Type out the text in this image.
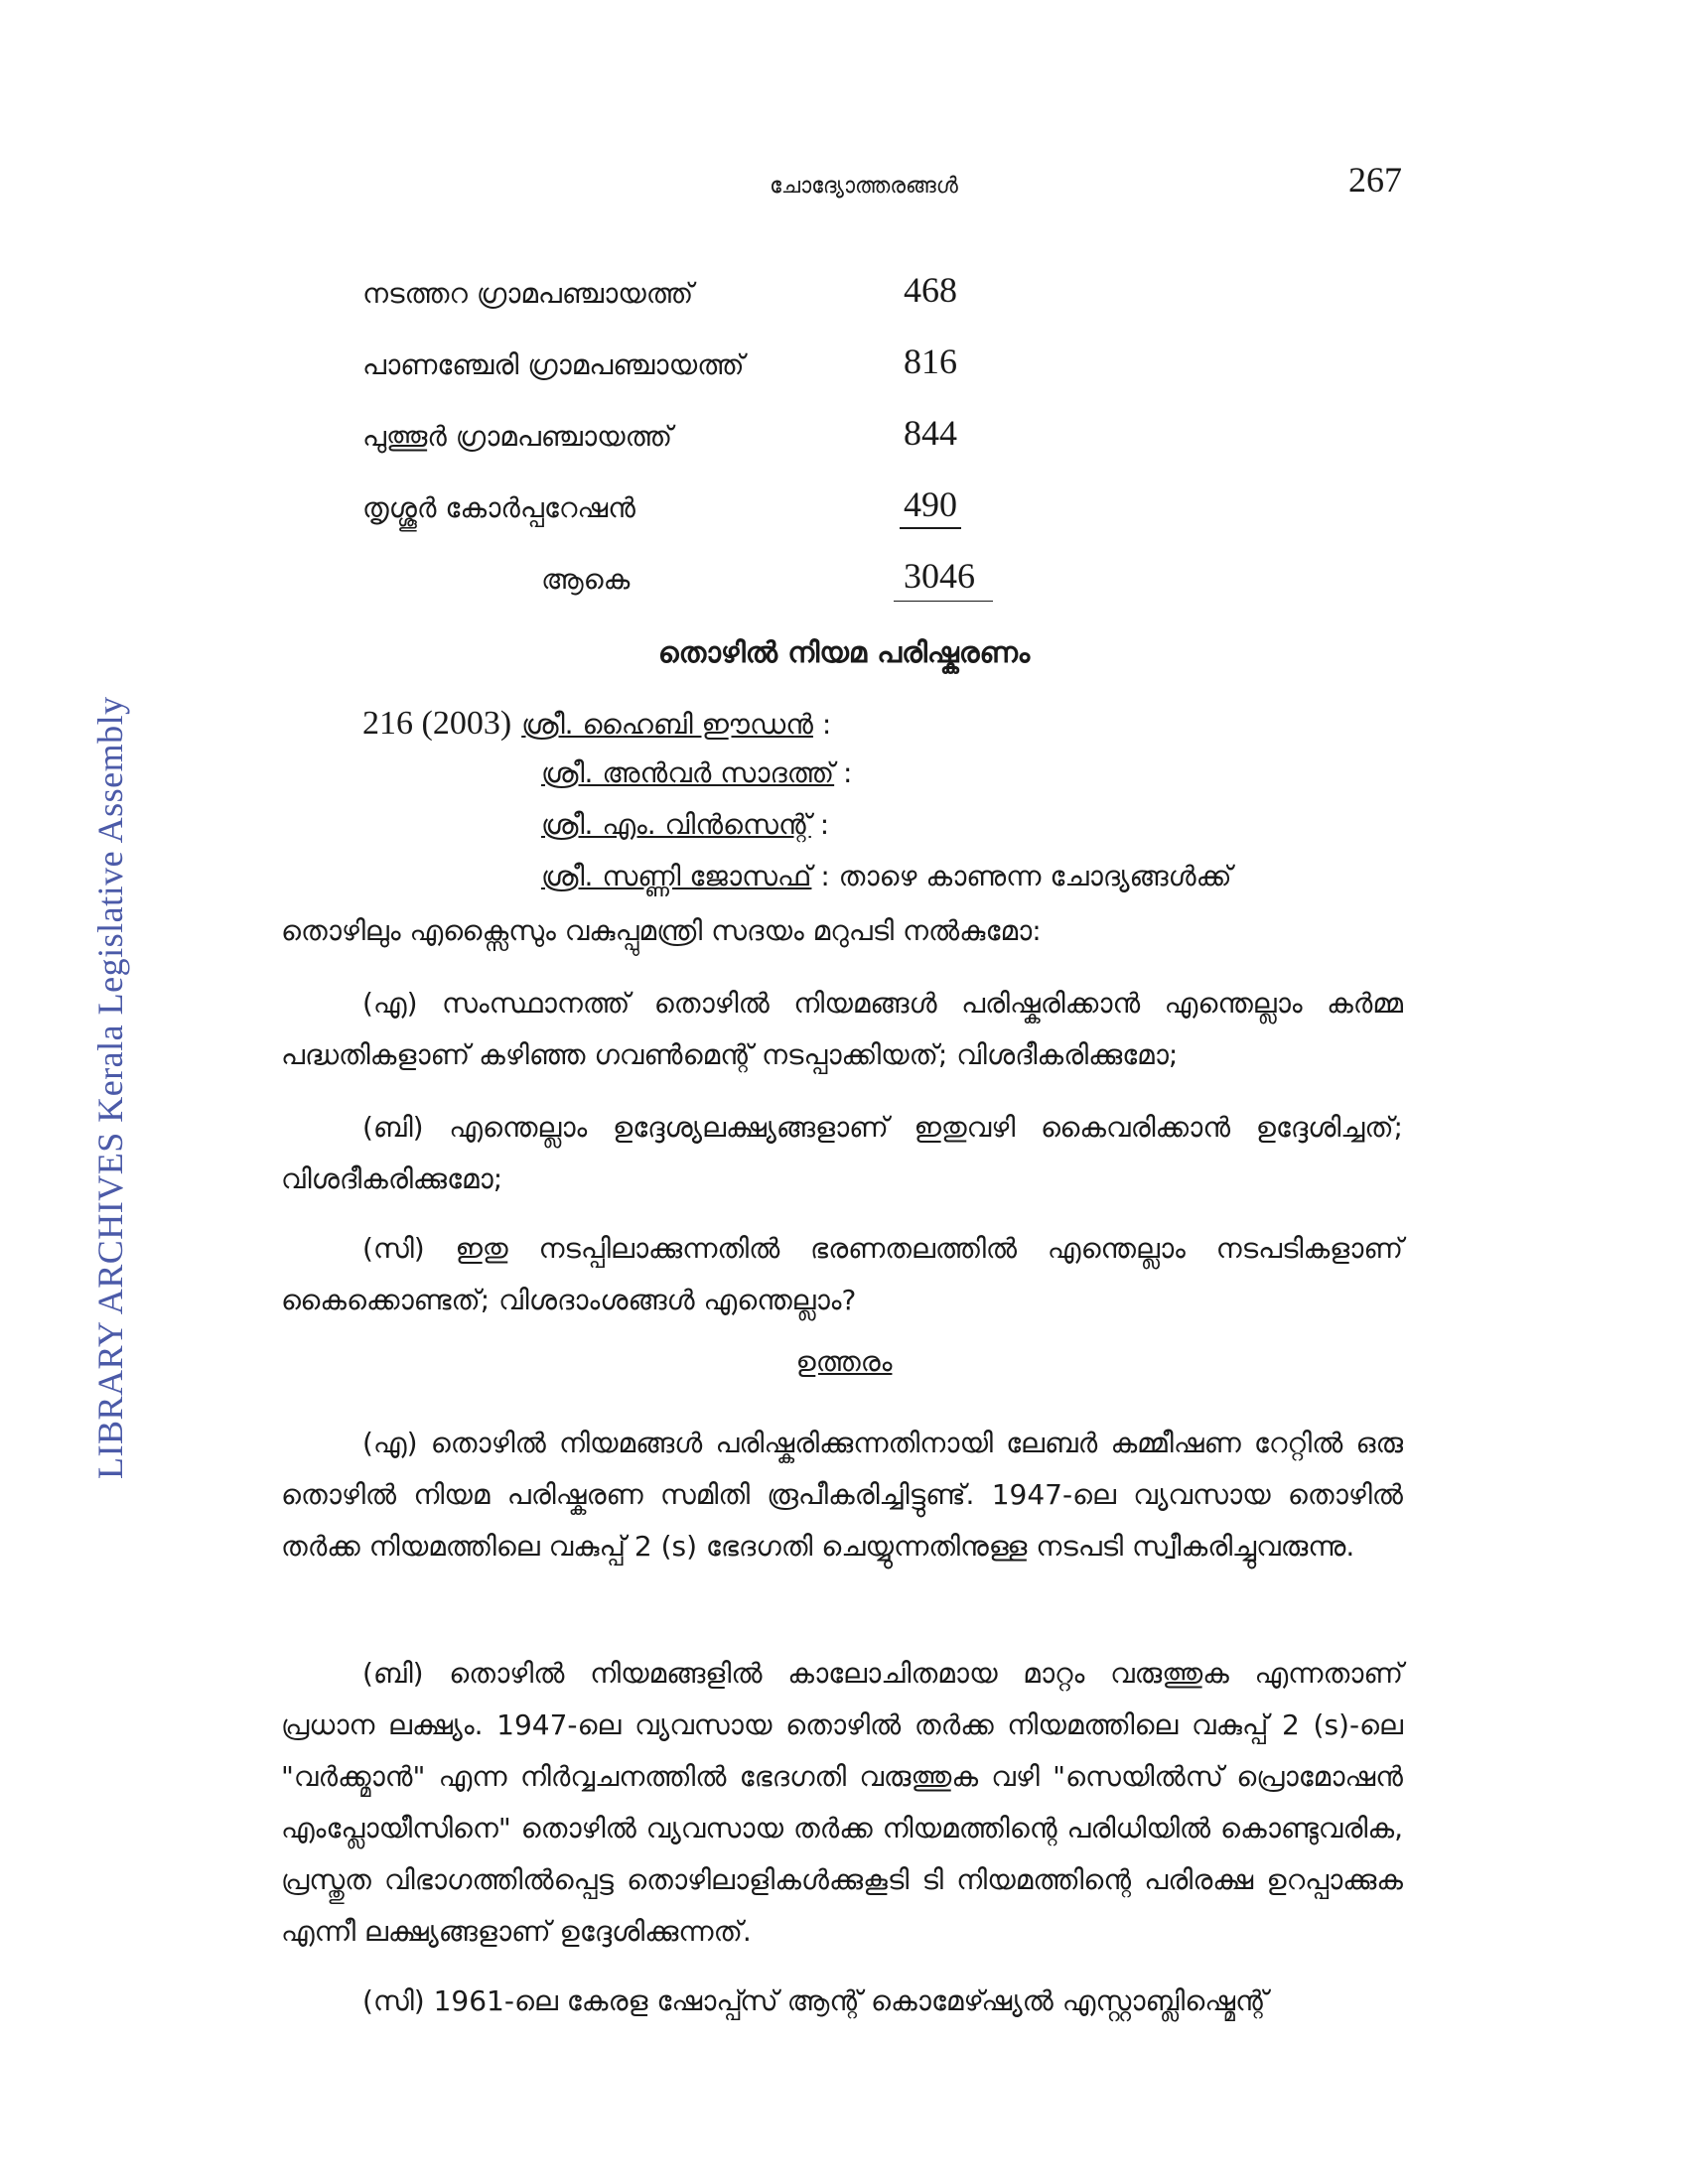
LIBRARY ARCHIVES Kerala Legislative Assembly
ചോദ്യോത്തരങ്ങൾ	267
നടത്തറ ഗ്രാമപഞ്ചായത്ത്	468
പാണഞ്ചേരി ഗ്രാമപഞ്ചായത്ത്	816
പുത്തൂർ ഗ്രാമപഞ്ചായത്ത്	844
തൃശ്ശൂർ കോർപ്പറേഷൻ	490
ആകെ	3046
തൊഴിൽ നിയമ പരിഷ്കരണം
216 (2003) ശ്രീ. ഹൈബി ഈഡൻ :
ശ്രീ. അൻവർ സാദത്ത് :
ശ്രീ. എം. വിൻസെന്റ് :
ശ്രീ. സണ്ണി ജോസഫ് : താഴെ കാണുന്ന ചോദ്യങ്ങൾക്ക്
തൊഴിലും എക്സൈസും വകുപ്പുമന്ത്രി സദയം മറുപടി നൽകുമോ:
(എ) സംസ്ഥാനത്ത് തൊഴിൽ നിയമങ്ങൾ പരിഷ്കരിക്കാൻ എന്തെല്ലാം കർമ്മ പദ്ധതികളാണ് കഴിഞ്ഞ ഗവൺമെന്റ് നടപ്പാക്കിയത്; വിശദീകരിക്കുമോ;
(ബി) എന്തെല്ലാം ഉദ്ദേശ്യലക്ഷ്യങ്ങളാണ് ഇതുവഴി കൈവരിക്കാൻ ഉദ്ദേശിച്ചത്; വിശദീകരിക്കുമോ;
(സി) ഇതു നടപ്പിലാക്കുന്നതിൽ ഭരണതലത്തിൽ എന്തെല്ലാം നടപടികളാണ് കൈക്കൊണ്ടത്; വിശദാംശങ്ങൾ എന്തെല്ലാം?
ഉത്തരം
(എ) തൊഴിൽ നിയമങ്ങൾ പരിഷ്കരിക്കുന്നതിനായി ലേബർ കമ്മീഷണ റേറ്റിൽ ഒരു തൊഴിൽ നിയമ പരിഷ്കരണ സമിതി രൂപീകരിച്ചിട്ടുണ്ട്. 1947-ലെ വ്യവസായ തൊഴിൽ തർക്ക നിയമത്തിലെ വകുപ്പ് 2 (s) ഭേദഗതി ചെയ്യുന്നതിനുള്ള നടപടി സ്വീകരിച്ചുവരുന്നു.
(ബി) തൊഴിൽ നിയമങ്ങളിൽ കാലോചിതമായ മാറ്റം വരുത്തുക എന്നതാണ് പ്രധാന ലക്ഷ്യം. 1947-ലെ വ്യവസായ തൊഴിൽ തർക്ക നിയമത്തിലെ വകുപ്പ് 2 (s)-ലെ "വർക്ക്മാൻ" എന്ന നിർവ്വചനത്തിൽ ഭേദഗതി വരുത്തുക വഴി "സെയിൽസ് പ്രൊമോഷൻ എംപ്ലോയീസിനെ" തൊഴിൽ വ്യവസായ തർക്ക നിയമത്തിന്റെ പരിധിയിൽ കൊണ്ടുവരിക, പ്രസ്തുത വിഭാഗത്തിൽപ്പെട്ട തൊഴിലാളികൾക്കുകൂടി ടി നിയമത്തിന്റെ പരിരക്ഷ ഉറപ്പാക്കുക എന്നീ ലക്ഷ്യങ്ങളാണ് ഉദ്ദേശിക്കുന്നത്.
(സി) 1961-ലെ കേരള ഷോപ്പ്സ് ആന്റ് കൊമേഴ്ഷ്യൽ എസ്റ്റാബ്ലിഷ്മെന്റ്
